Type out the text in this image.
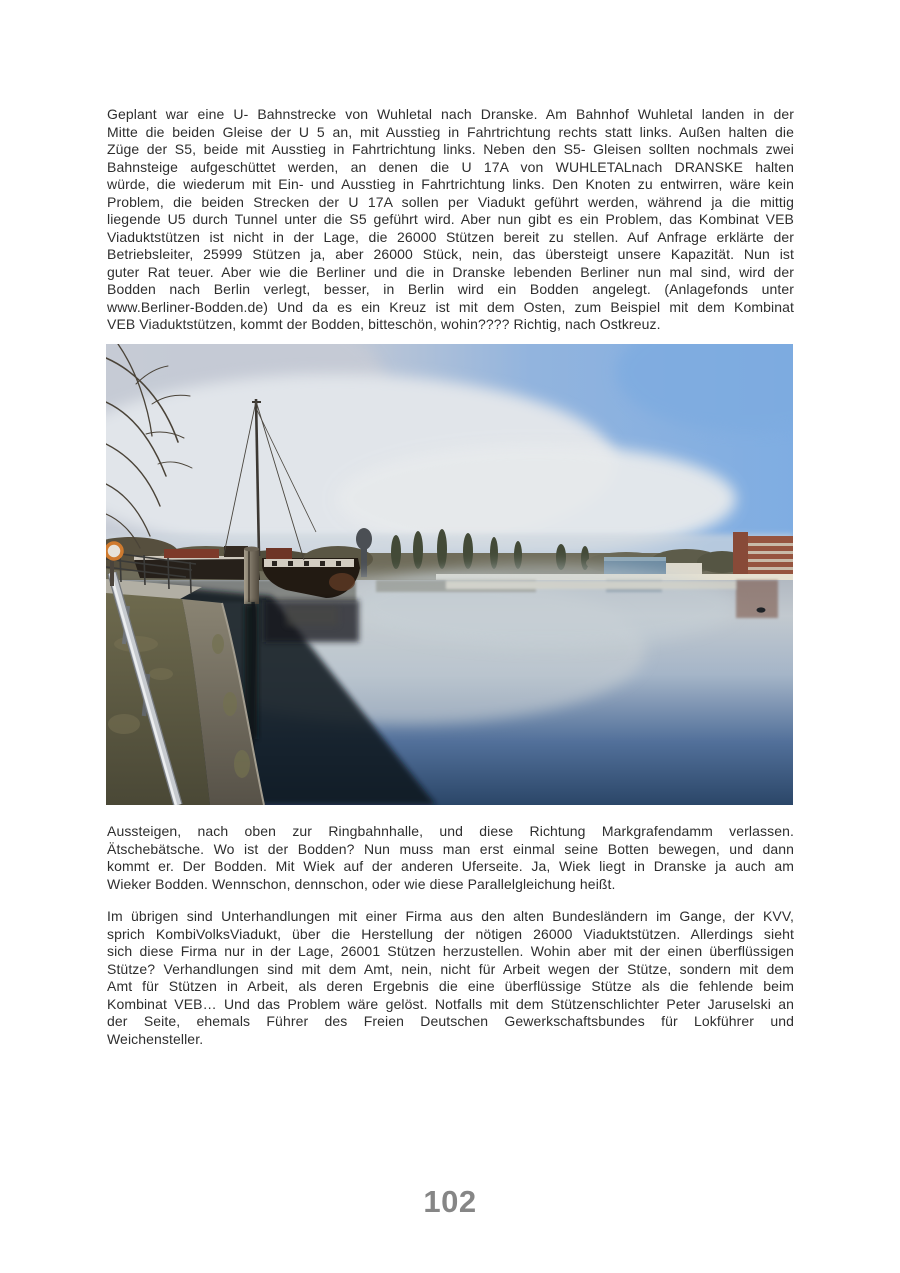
Geplant war eine U- Bahnstrecke von Wuhletal nach Dranske. Am Bahnhof Wuhletal landen in der
Mitte die beiden Gleise der U 5 an, mit Ausstieg in Fahrtrichtung rechts statt links. Außen halten die
Züge der S5, beide mit Ausstieg in Fahrtrichtung links. Neben den S5- Gleisen sollten nochmals zwei
Bahnsteige aufgeschüttet werden, an denen die U 17A von WUHLETALnach DRANSKE halten
würde, die wiederum mit Ein- und Ausstieg in Fahrtrichtung links. Den Knoten zu entwirren, wäre kein
Problem, die beiden Strecken der U 17A sollen per Viadukt geführt werden, während ja die mittig
liegende U5 durch Tunnel unter die S5 geführt wird. Aber nun gibt es ein Problem, das Kombinat VEB
Viaduktstützen ist nicht in der Lage, die 26000 Stützen bereit zu stellen. Auf Anfrage erklärte der
Betriebsleiter, 25999 Stützen ja, aber 26000 Stück, nein, das übersteigt unsere Kapazität. Nun ist
guter Rat teuer. Aber wie die Berliner und die in Dranske lebenden Berliner nun mal sind, wird der
Bodden nach Berlin verlegt, besser, in Berlin wird ein Bodden angelegt. (Anlagefonds unter
www.Berliner-Bodden.de) Und da es ein Kreuz ist mit dem Osten, zum Beispiel mit dem Kombinat
VEB Viaduktstützen, kommt der Bodden, bitteschön, wohin???? Richtig, nach Ostkreuz.
Aussteigen, nach oben zur Ringbahnhalle, und diese Richtung Markgrafendamm verlassen.
Ätschebätsche. Wo ist der Bodden? Nun muss man erst einmal seine Botten bewegen, und dann
kommt er. Der Bodden. Mit Wiek auf der anderen Uferseite. Ja, Wiek liegt in Dranske ja auch am
Wieker Bodden. Wennschon, dennschon, oder wie diese Parallelgleichung heißt.
Im übrigen sind Unterhandlungen mit einer Firma aus den alten Bundesländern im Gange, der KVV,
sprich KombiVolksViadukt, über die Herstellung der nötigen 26000 Viaduktstützen. Allerdings sieht
sich diese Firma nur in der Lage, 26001 Stützen herzustellen. Wohin aber mit der einen überflüssigen
Stütze? Verhandlungen sind mit dem Amt, nein, nicht für Arbeit wegen der Stütze, sondern mit dem
Amt für Stützen in Arbeit, als deren Ergebnis die eine überflüssige Stütze als die fehlende beim
Kombinat VEB… Und das Problem wäre gelöst. Notfalls mit dem Stützenschlichter Peter Jaruselski an
der Seite, ehemals Führer des Freien Deutschen Gewerkschaftsbundes für Lokführer und
Weichensteller.
102
